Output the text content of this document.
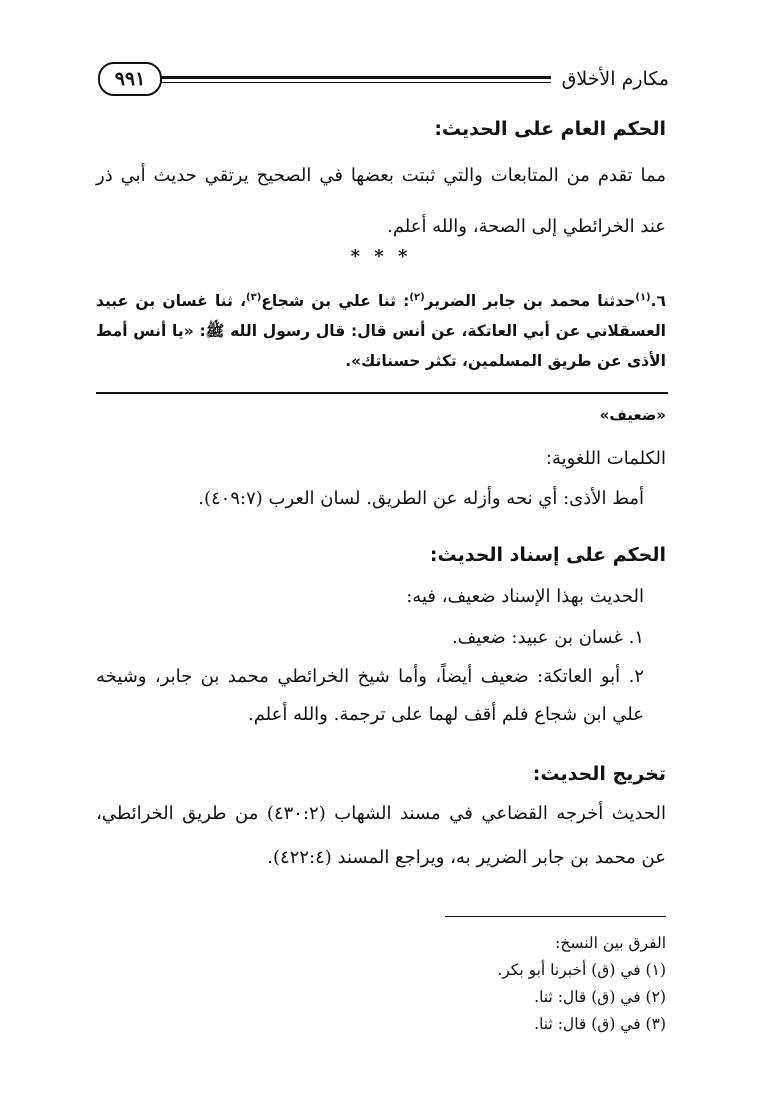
مكارم الأخلاق
٩٩١
الحكم العام على الحديث:
مما تقدم من المتابعات والتي ثبتت بعضها في الصحيح يرتقي حديث أبي ذر عند الخرائطي إلى الصحة، والله أعلم.
* * *
٦.$^{(١)}$حدثنا محمد بن جابر الضرير$^{(٢)}$: ثنا علي بن شجاع$^{(٣)}$، ثنا غسان بن عبيد العسقلاني عن أبي العاتكة، عن أنس قال: قال رسول الله ﷺ: «يا أنس أمط الأذى عن طريق المسلمين، تكثر حسناتك».
«ضعيف»
الكلمات اللغوية:
أمط الأذى: أي نحه وأزله عن الطريق. لسان العرب (٤٠٩:٧).
الحكم على إسناد الحديث:
الحديث بهذا الإسناد ضعيف، فيه:
١. غسان بن عبيد: ضعيف.
٢. أبو العاتكة: ضعيف أيضاً، وأما شيخ الخرائطي محمد بن جابر، وشيخه علي ابن شجاع فلم أقف لهما على ترجمة. والله أعلم.
تخريج الحديث:
الحديث أخرجه القضاعي في مسند الشهاب (٤٣٠:٢) من طريق الخرائطي، عن محمد بن جابر الضرير به، ويراجع المسند (٤٢٢:٤).
الفرق بين النسخ:
(١) في (ق) أخبرنا أبو بكر.
(٢) في (ق) قال: ثنا.
(٣) في (ق) قال: ثنا.
